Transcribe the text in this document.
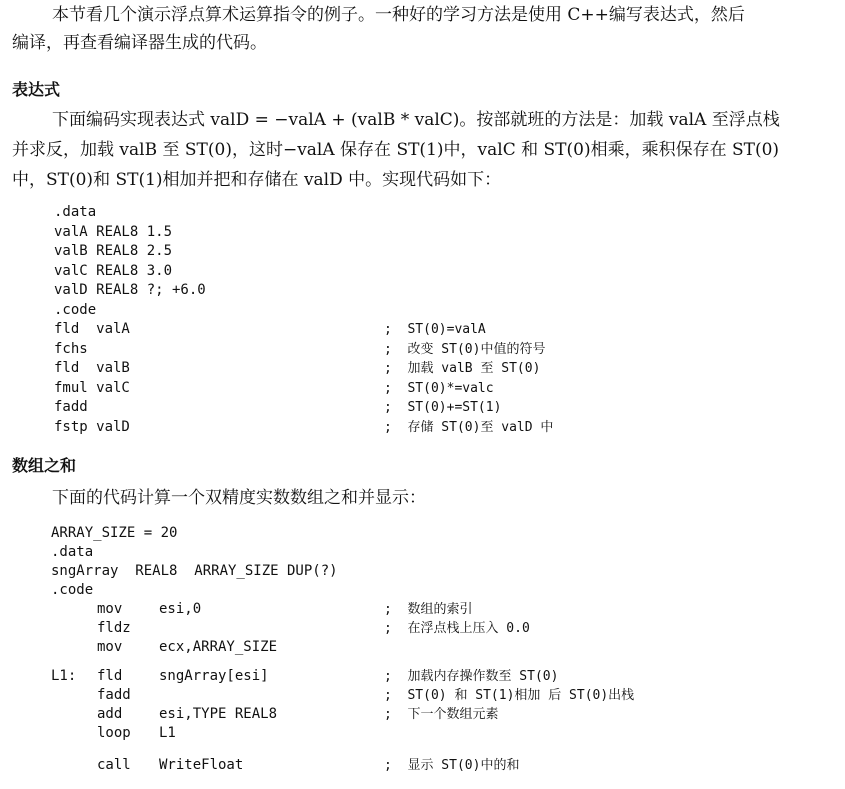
本节看几个演示浮点算术运算指令的例子。一种好的学习方法是使用 C++编写表达式，然后
编译，再查看编译器生成的代码。
表达式
下面编码实现表达式 valD = −valA + (valB * valC)。按部就班的方法是：加载 valA 至浮点栈
并求反，加载 valB 至 ST(0)，这时−valA 保存在 ST(1)中，valC 和 ST(0)相乘，乘积保存在 ST(0)
中，ST(0)和 ST(1)相加并把和存储在 valD 中。实现代码如下：
.data
valA REAL8 1.5
valB REAL8 2.5
valC REAL8 3.0
valD REAL8 ?; +6.0
.code
fld  valA	;  ST(0)=valA
fchs	;  改变 ST(0)中值的符号
fld  valB	;  加载 valB 至 ST(0)
fmul valC	;  ST(0)*=valc
fadd	;  ST(0)+=ST(1)
fstp valD	;  存储 ST(0)至 valD 中
数组之和
下面的代码计算一个双精度实数数组之和并显示：
ARRAY_SIZE = 20
.data
sngArray  REAL8  ARRAY_SIZE DUP(?)
.code
mov	esi,0	;  数组的索引
fldz	;  在浮点栈上压入 0.0
mov	ecx,ARRAY_SIZE
L1: fld	sngArray[esi]	;  加载内存操作数至 ST(0)
fadd	;  ST(0) 和 ST(1)相加 后 ST(0)出栈
add	esi,TYPE REAL8	;  下一个数组元素
loop L1
call WriteFloat	;  显示 ST(0)中的和
